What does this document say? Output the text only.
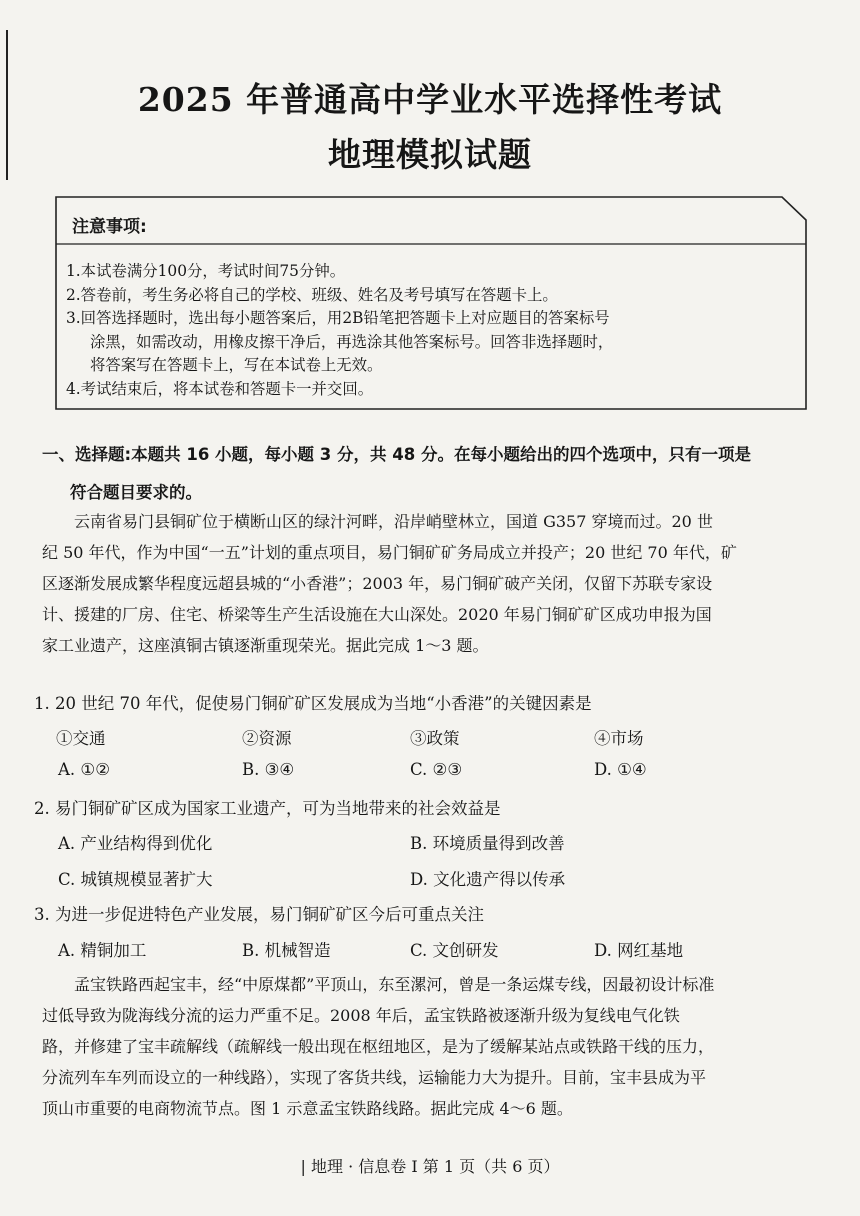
2025 年普通高中学业水平选择性考试
地理模拟试题
注意事项:
1.本试卷满分100分，考试时间75分钟。
2.答卷前，考生务必将自己的学校、班级、姓名及考号填写在答题卡上。
3.回答选择题时，选出每小题答案后，用2B铅笔把答题卡上对应题目的答案标号
涂黑，如需改动，用橡皮擦干净后，再选涂其他答案标号。回答非选择题时，
将答案写在答题卡上，写在本试卷上无效。
4.考试结束后，将本试卷和答题卡一并交回。
一、选择题:本题共 16 小题，每小题 3 分，共 48 分。在每小题给出的四个选项中，只有一项是
符合题目要求的。
云南省易门县铜矿位于横断山区的绿汁河畔，沿岸峭壁林立，国道 G357 穿境而过。20 世
纪 50 年代，作为中国“一五”计划的重点项目，易门铜矿矿务局成立并投产；20 世纪 70 年代，矿
区逐渐发展成繁华程度远超县城的“小香港”；2003 年，易门铜矿破产关闭，仅留下苏联专家设
计、援建的厂房、住宅、桥梁等生产生活设施在大山深处。2020 年易门铜矿矿区成功申报为国
家工业遗产，这座滇铜古镇逐渐重现荣光。据此完成 1～3 题。
1. 20 世纪 70 年代，促使易门铜矿矿区发展成为当地“小香港”的关键因素是
①交通	②资源	③政策	④市场
A. ①②	B. ③④	C. ②③	D. ①④
2. 易门铜矿矿区成为国家工业遗产，可为当地带来的社会效益是
A. 产业结构得到优化	B. 环境质量得到改善
C. 城镇规模显著扩大	D. 文化遗产得以传承
3. 为进一步促进特色产业发展，易门铜矿矿区今后可重点关注
A. 精铜加工	B. 机械智造	C. 文创研发	D. 网红基地
孟宝铁路西起宝丰，经“中原煤都”平顶山，东至漯河，曾是一条运煤专线，因最初设计标准
过低导致为陇海线分流的运力严重不足。2008 年后，孟宝铁路被逐渐升级为复线电气化铁
路，并修建了宝丰疏解线（疏解线一般出现在枢纽地区，是为了缓解某站点或铁路干线的压力，
分流列车车列而设立的一种线路），实现了客货共线，运输能力大为提升。目前，宝丰县成为平
顶山市重要的电商物流节点。图 1 示意孟宝铁路线路。据此完成 4～6 题。
| 地理 · 信息卷 I 第 1 页（共 6 页）
